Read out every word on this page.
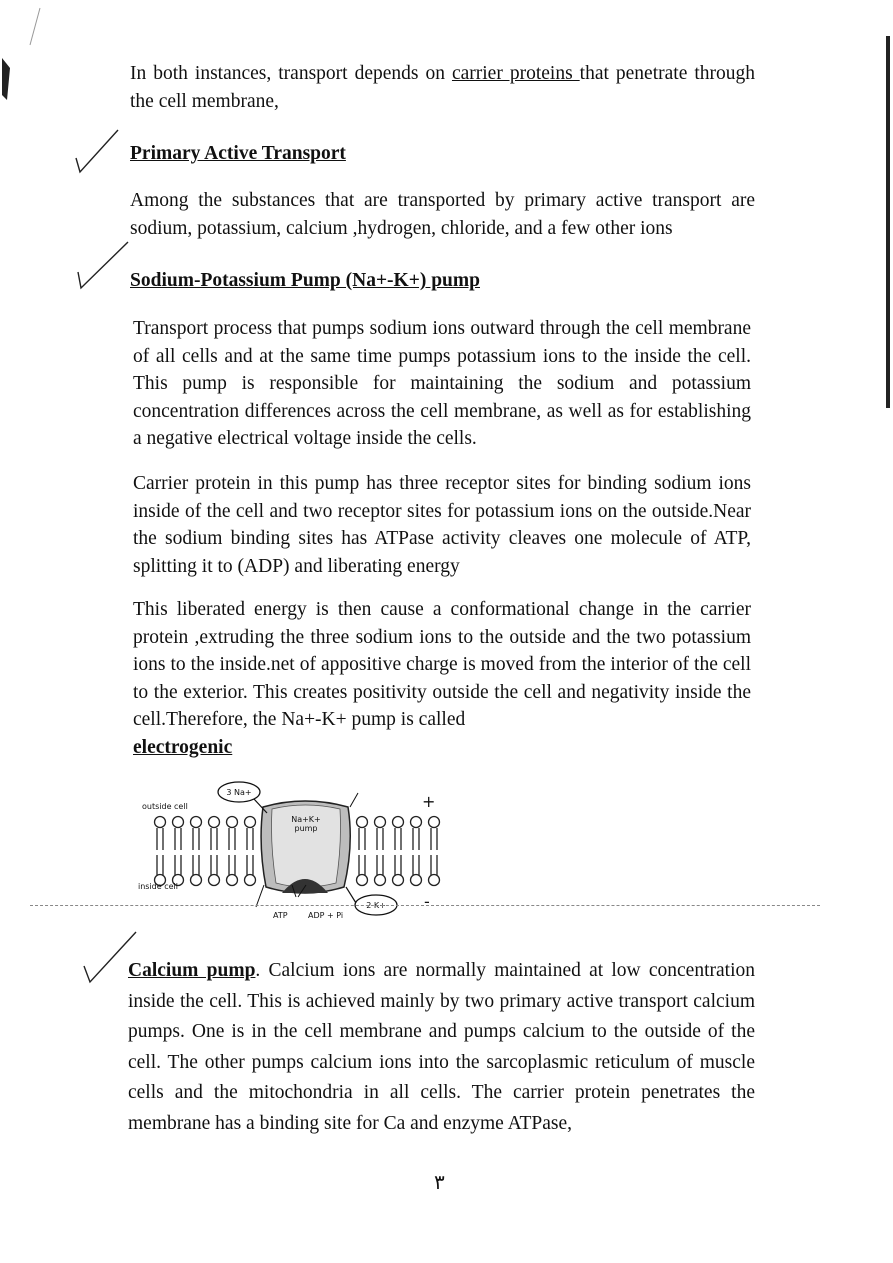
In both instances, transport depends on carrier proteins that penetrate through the cell membrane,

Primary Active Transport

Among the substances that are transported by primary active transport are sodium, potassium, calcium ,hydrogen, chloride, and a few other ions

Sodium-Potassium Pump (Na+-K+) pump

Transport process that pumps sodium ions outward through the cell membrane of all cells and at the same time pumps potassium ions to the inside the cell. This pump is responsible for maintaining the sodium and potassium concentration differences across the cell membrane, as well as for establishing a negative electrical voltage inside the cells.

Carrier protein in this pump has three receptor sites for binding sodium ions inside of the cell and two receptor sites for potassium ions on the outside.Near the sodium binding sites has ATPase activity cleaves one molecule of ATP, splitting it to (ADP) and liberating energy

This liberated energy is then cause a conformational change in the carrier protein ,extruding the three sodium ions to the outside and the two potassium ions to the inside.net of appositive charge is moved from the interior of the cell to the exterior. This creates positivity outside the cell and negativity inside the cell.Therefore, the Na+-K+ pump is called
electrogenic

Na+K+
pump
outside cell
inside cell
3 Na+
2 K+
ATP	ADP + Pi
+
-

Calcium pump. Calcium ions are normally maintained at low concentration inside the cell. This is achieved mainly by two primary active transport calcium pumps. One is in the cell membrane and pumps calcium to the outside of the cell. The other pumps calcium ions into the sarcoplasmic reticulum of muscle cells and the mitochondria in all cells. The carrier protein penetrates the membrane has a binding site for Ca and enzyme ATPase,

٣
